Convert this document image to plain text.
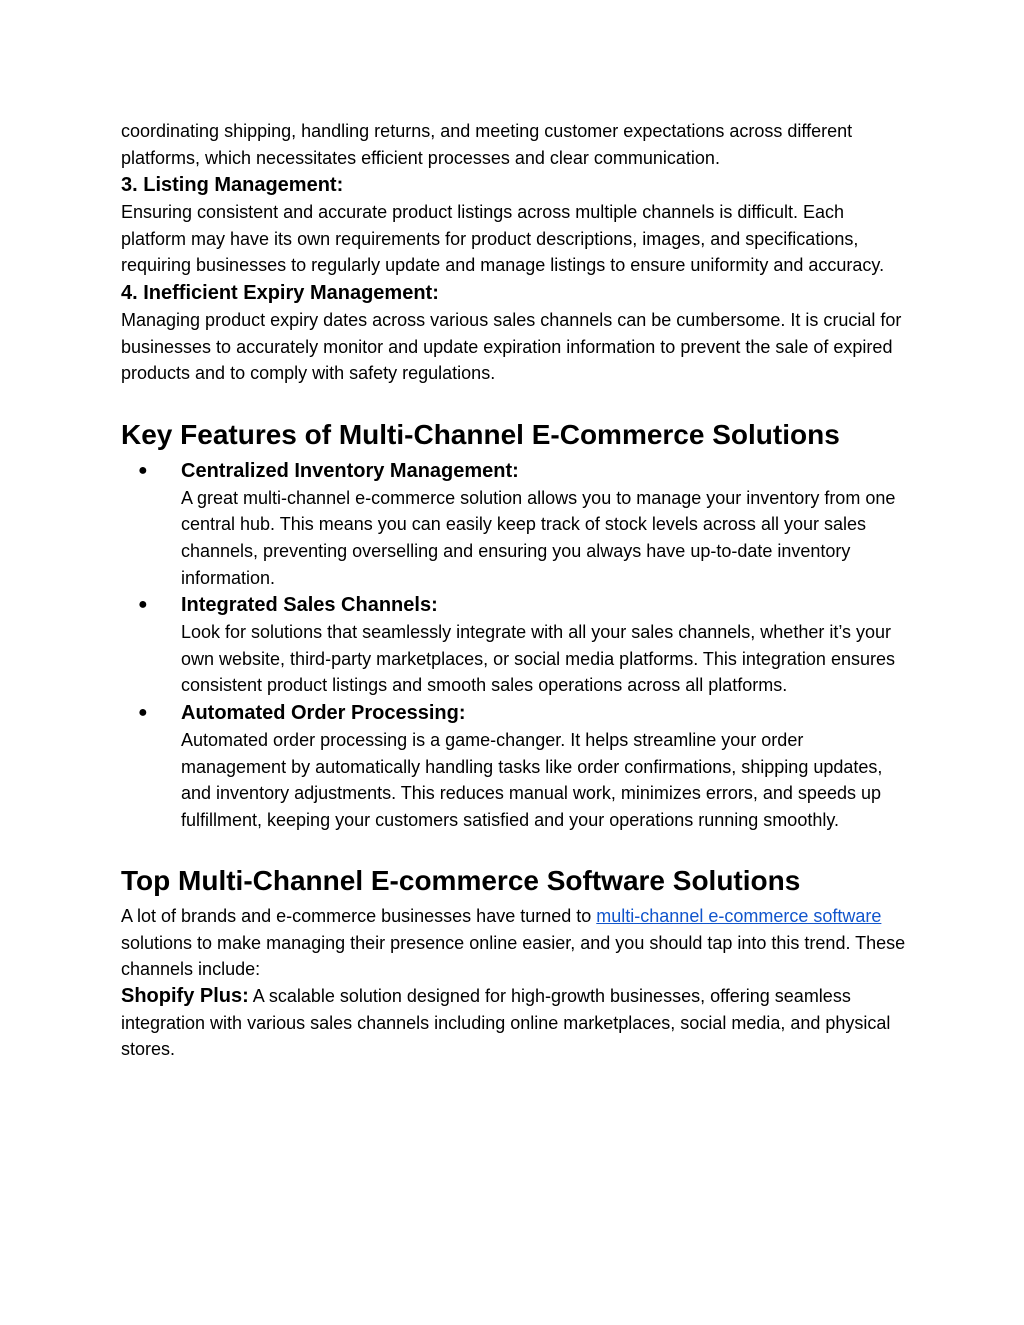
coordinating shipping, handling returns, and meeting customer expectations across different platforms, which necessitates efficient processes and clear communication.

3. Listing Management:

Ensuring consistent and accurate product listings across multiple channels is difficult. Each platform may have its own requirements for product descriptions, images, and specifications, requiring businesses to regularly update and manage listings to ensure uniformity and accuracy.

4. Inefficient Expiry Management:

Managing product expiry dates across various sales channels can be cumbersome. It is crucial for businesses to accurately monitor and update expiration information to prevent the sale of expired products and to comply with safety regulations.

Key Features of Multi-Channel E-Commerce Solutions
● Centralized Inventory Management:
A great multi-channel e-commerce solution allows you to manage your inventory from one central hub. This means you can easily keep track of stock levels across all your sales channels, preventing overselling and ensuring you always have up-to-date inventory information.
● Integrated Sales Channels:
Look for solutions that seamlessly integrate with all your sales channels, whether it’s your own website, third-party marketplaces, or social media platforms. This integration ensures consistent product listings and smooth sales operations across all platforms.
● Automated Order Processing:
Automated order processing is a game-changer. It helps streamline your order management by automatically handling tasks like order confirmations, shipping updates, and inventory adjustments. This reduces manual work, minimizes errors, and speeds up fulfillment, keeping your customers satisfied and your operations running smoothly.
Top Multi-Channel E-commerce Software Solutions

A lot of brands and e-commerce businesses have turned to multi-channel e-commerce software solutions to make managing their presence online easier, and you should tap into this trend. These channels include:

Shopify Plus: A scalable solution designed for high-growth businesses, offering seamless integration with various sales channels including online marketplaces, social media, and physical stores.
